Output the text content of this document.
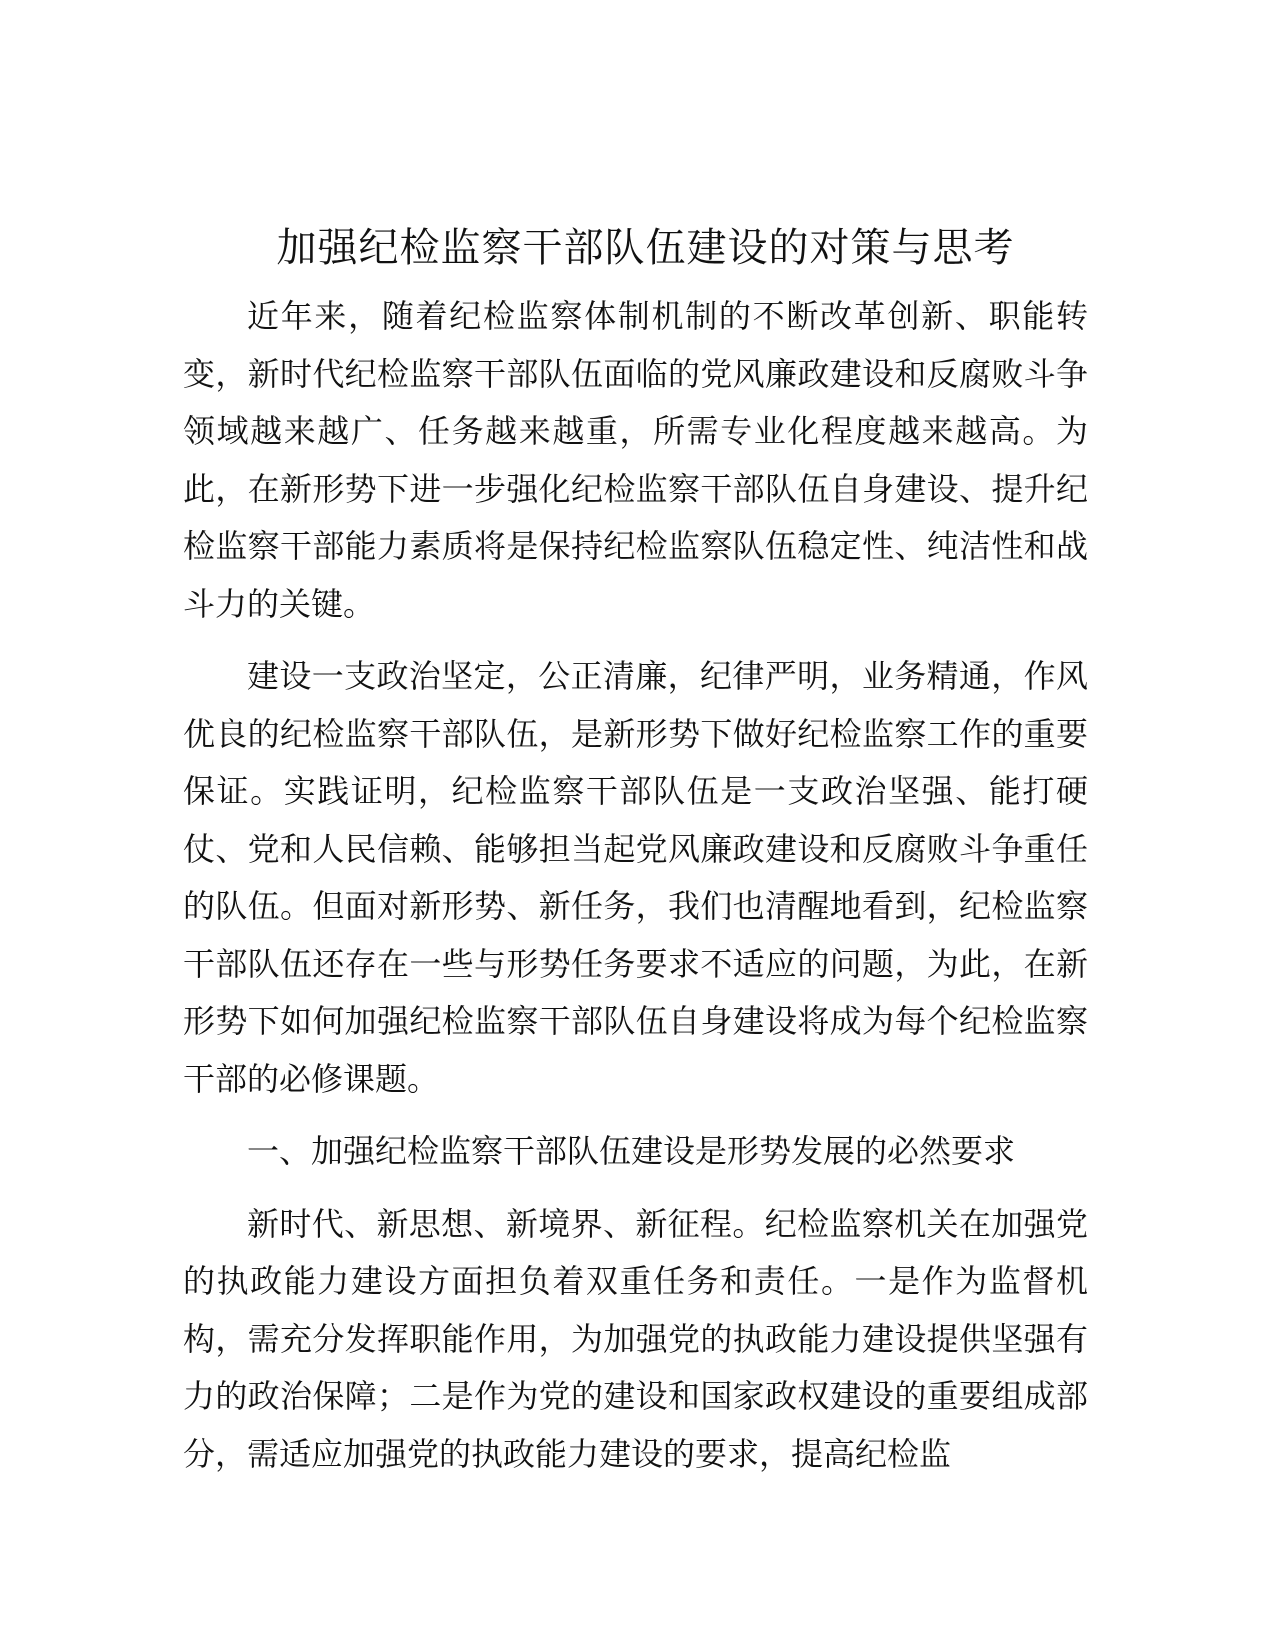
加强纪检监察干部队伍建设的对策与思考

近年来，随着纪检监察体制机制的不断改革创新、职能转变，新时代纪检监察干部队伍面临的党风廉政建设和反腐败斗争领域越来越广、任务越来越重，所需专业化程度越来越高。为此，在新形势下进一步强化纪检监察干部队伍自身建设、提升纪检监察干部能力素质将是保持纪检监察队伍稳定性、纯洁性和战斗力的关键。

建设一支政治坚定，公正清廉，纪律严明，业务精通，作风优良的纪检监察干部队伍，是新形势下做好纪检监察工作的重要保证。实践证明，纪检监察干部队伍是一支政治坚强、能打硬仗、党和人民信赖、能够担当起党风廉政建设和反腐败斗争重任的队伍。但面对新形势、新任务，我们也清醒地看到，纪检监察干部队伍还存在一些与形势任务要求不适应的问题，为此，在新形势下如何加强纪检监察干部队伍自身建设将成为每个纪检监察干部的必修课题。

一、加强纪检监察干部队伍建设是形势发展的必然要求

新时代、新思想、新境界、新征程。纪检监察机关在加强党的执政能力建设方面担负着双重任务和责任。一是作为监督机构，需充分发挥职能作用，为加强党的执政能力建设提供坚强有力的政治保障；二是作为党的建设和国家政权建设的重要组成部分，需适应加强党的执政能力建设的要求，提高纪检监
